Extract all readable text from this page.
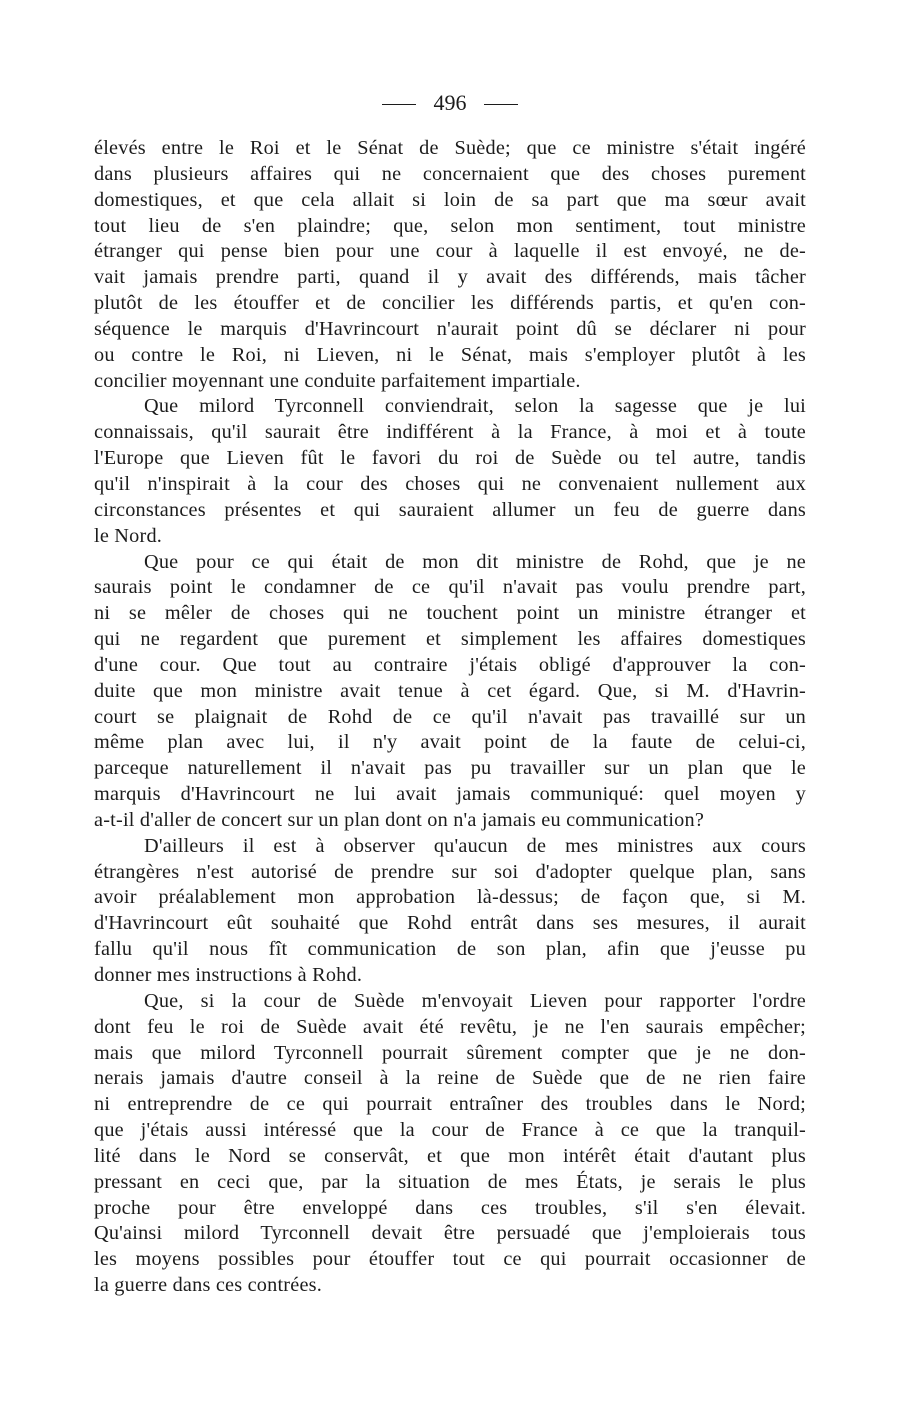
496
élevés entre le Roi et le Sénat de Suède; que ce ministre s'était ingéré
dans plusieurs affaires qui ne concernaient que des choses purement
domestiques, et que cela allait si loin de sa part que ma sœur avait
tout lieu de s'en plaindre; que, selon mon sentiment, tout ministre
étranger qui pense bien pour une cour à laquelle il est envoyé, ne de-
vait jamais prendre parti, quand il y avait des différends, mais tâcher
plutôt de les étouffer et de concilier les différends partis, et qu'en con-
séquence le marquis d'Havrincourt n'aurait point dû se déclarer ni pour
ou contre le Roi, ni Lieven, ni le Sénat, mais s'employer plutôt à les
concilier moyennant une conduite parfaitement impartiale.
Que milord Tyrconnell conviendrait, selon la sagesse que je lui
connaissais, qu'il saurait être indifférent à la France, à moi et à toute
l'Europe que Lieven fût le favori du roi de Suède ou tel autre, tandis
qu'il n'inspirait à la cour des choses qui ne convenaient nullement aux
circonstances présentes et qui sauraient allumer un feu de guerre dans
le Nord.
Que pour ce qui était de mon dit ministre de Rohd, que je ne
saurais point le condamner de ce qu'il n'avait pas voulu prendre part,
ni se mêler de choses qui ne touchent point un ministre étranger et
qui ne regardent que purement et simplement les affaires domestiques
d'une cour. Que tout au contraire j'étais obligé d'approuver la con-
duite que mon ministre avait tenue à cet égard. Que, si M. d'Havrin-
court se plaignait de Rohd de ce qu'il n'avait pas travaillé sur un
même plan avec lui, il n'y avait point de la faute de celui-ci,
parceque naturellement il n'avait pas pu travailler sur un plan que le
marquis d'Havrincourt ne lui avait jamais communiqué: quel moyen y
a-t-il d'aller de concert sur un plan dont on n'a jamais eu communication?
D'ailleurs il est à observer qu'aucun de mes ministres aux cours
étrangères n'est autorisé de prendre sur soi d'adopter quelque plan, sans
avoir préalablement mon approbation là-dessus; de façon que, si M.
d'Havrincourt eût souhaité que Rohd entrât dans ses mesures, il aurait
fallu qu'il nous fît communication de son plan, afin que j'eusse pu
donner mes instructions à Rohd.
Que, si la cour de Suède m'envoyait Lieven pour rapporter l'ordre
dont feu le roi de Suède avait été revêtu, je ne l'en saurais empêcher;
mais que milord Tyrconnell pourrait sûrement compter que je ne don-
nerais jamais d'autre conseil à la reine de Suède que de ne rien faire
ni entreprendre de ce qui pourrait entraîner des troubles dans le Nord;
que j'étais aussi intéressé que la cour de France à ce que la tranquil-
lité dans le Nord se conservât, et que mon intérêt était d'autant plus
pressant en ceci que, par la situation de mes États, je serais le plus
proche pour être enveloppé dans ces troubles, s'il s'en élevait.
Qu'ainsi milord Tyrconnell devait être persuadé que j'emploierais tous
les moyens possibles pour étouffer tout ce qui pourrait occasionner de
la guerre dans ces contrées.
